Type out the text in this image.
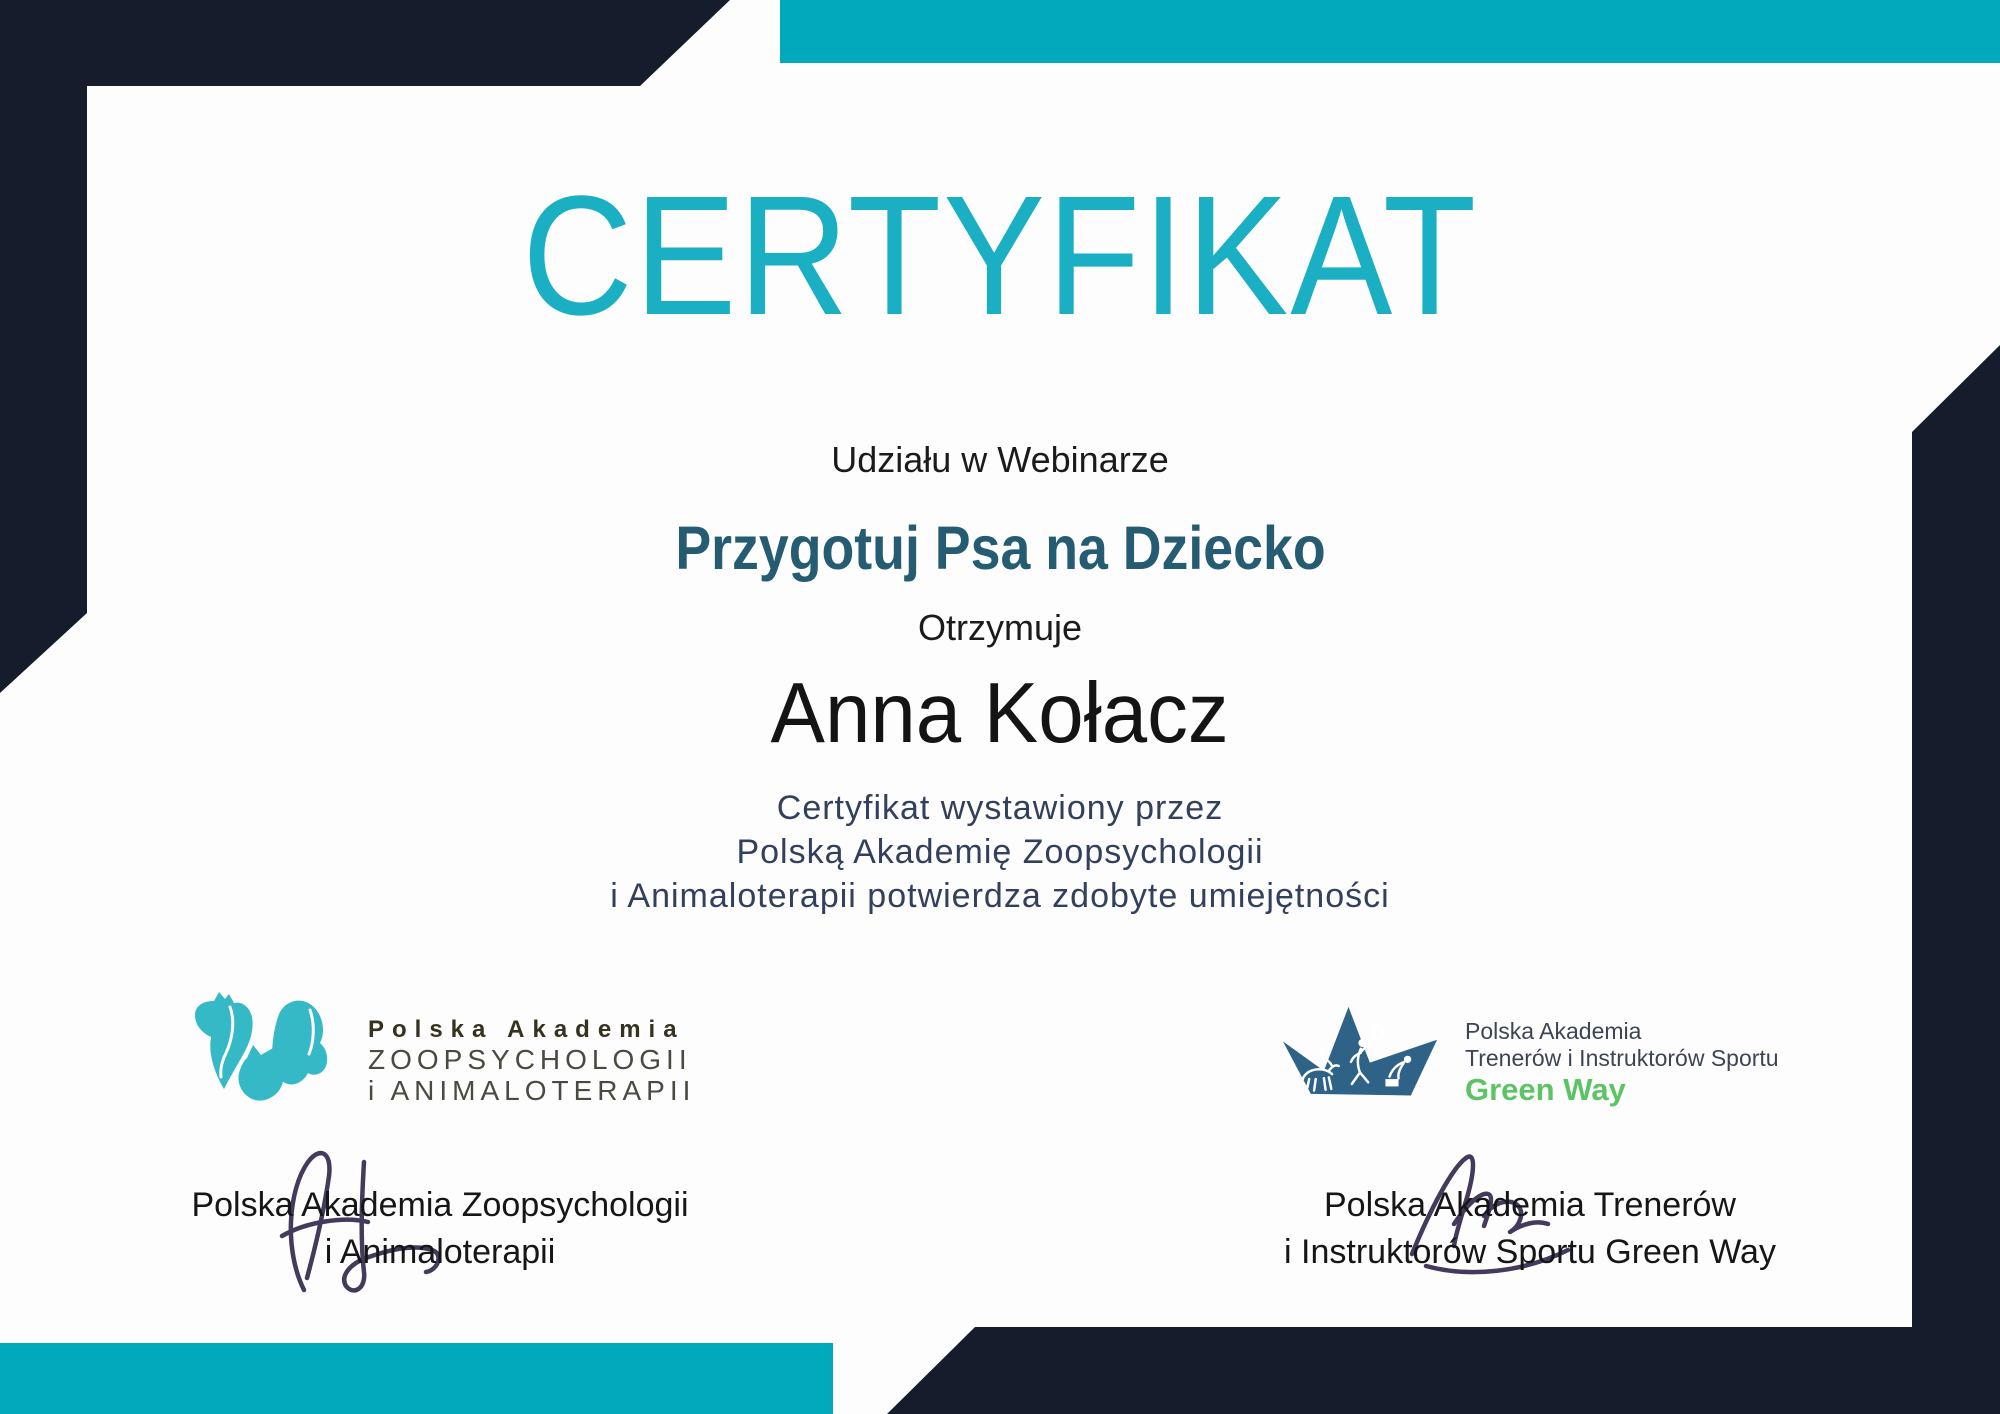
CERTYFIKAT
Udziału w Webinarze
Przygotuj Psa na Dziecko
Otrzymuje
Anna Kołacz
Certyfikat wystawiony przez
Polską Akademię Zoopsychologii
i Animaloterapii potwierdza zdobyte umiejętności
Polska Akademia
ZOOPSYCHOLOGII
i ANIMALOTERAPII
Polska Akademia
Trenerów i Instruktorów Sportu
Green Way
Polska Akademia Zoopsychologii
i Animaloterapii
Polska Akademia Trenerów
i Instruktorów Sportu Green Way
